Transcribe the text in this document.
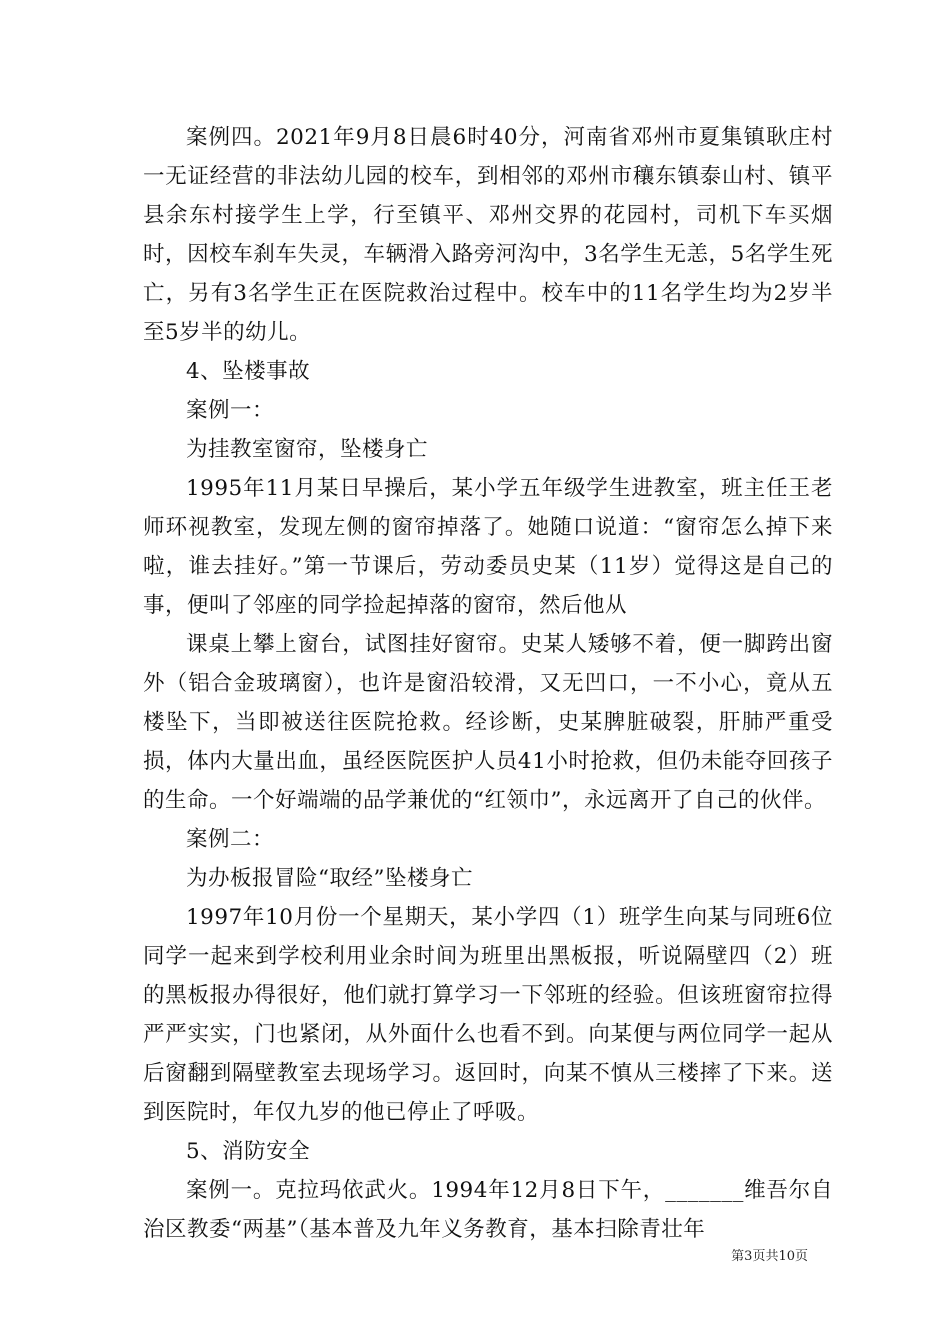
案例四。2021年9月8日晨6时40分，河南省邓州市夏集镇耿庄村一无证经营的非法幼儿园的校车，到相邻的邓州市穰东镇泰山村、镇平县余东村接学生上学，行至镇平、邓州交界的花园村，司机下车买烟时，因校车刹车失灵，车辆滑入路旁河沟中，3名学生无恙，5名学生死亡，另有3名学生正在医院救治过程中。校车中的11名学生均为2岁半至5岁半的幼儿。

4、坠楼事故

案例一：

为挂教室窗帘，坠楼身亡

1995年11月某日早操后，某小学五年级学生进教室，班主任王老师环视教室，发现左侧的窗帘掉落了。她随口说道：“窗帘怎么掉下来啦，谁去挂好。”第一节课后，劳动委员史某（11岁）觉得这是自己的事，便叫了邻座的同学捡起掉落的窗帘，然后他从

课桌上攀上窗台，试图挂好窗帘。史某人矮够不着，便一脚跨出窗外（铝合金玻璃窗），也许是窗沿较滑，又无凹口，一不小心，竟从五楼坠下，当即被送往医院抢救。经诊断，史某脾脏破裂，肝肺严重受损，体内大量出血，虽经医院医护人员41小时抢救，但仍未能夺回孩子的生命。一个好端端的品学兼优的“红领巾”，永远离开了自己的伙伴。

案例二：

为办板报冒险“取经”坠楼身亡

1997年10月份一个星期天，某小学四（1）班学生向某与同班6位同学一起来到学校利用业余时间为班里出黑板报，听说隔壁四（2）班的黑板报办得很好，他们就打算学习一下邻班的经验。但该班窗帘拉得严严实实，门也紧闭，从外面什么也看不到。向某便与两位同学一起从后窗翻到隔壁教室去现场学习。返回时，向某不慎从三楼摔了下来。送到医院时，年仅九岁的他已停止了呼吸。

5、消防安全

案例一。克拉玛依武火。1994年12月8日下午，_______维吾尔自治区教委“两基”（基本普及九年义务教育，基本扫除青壮年

第3页共10页
